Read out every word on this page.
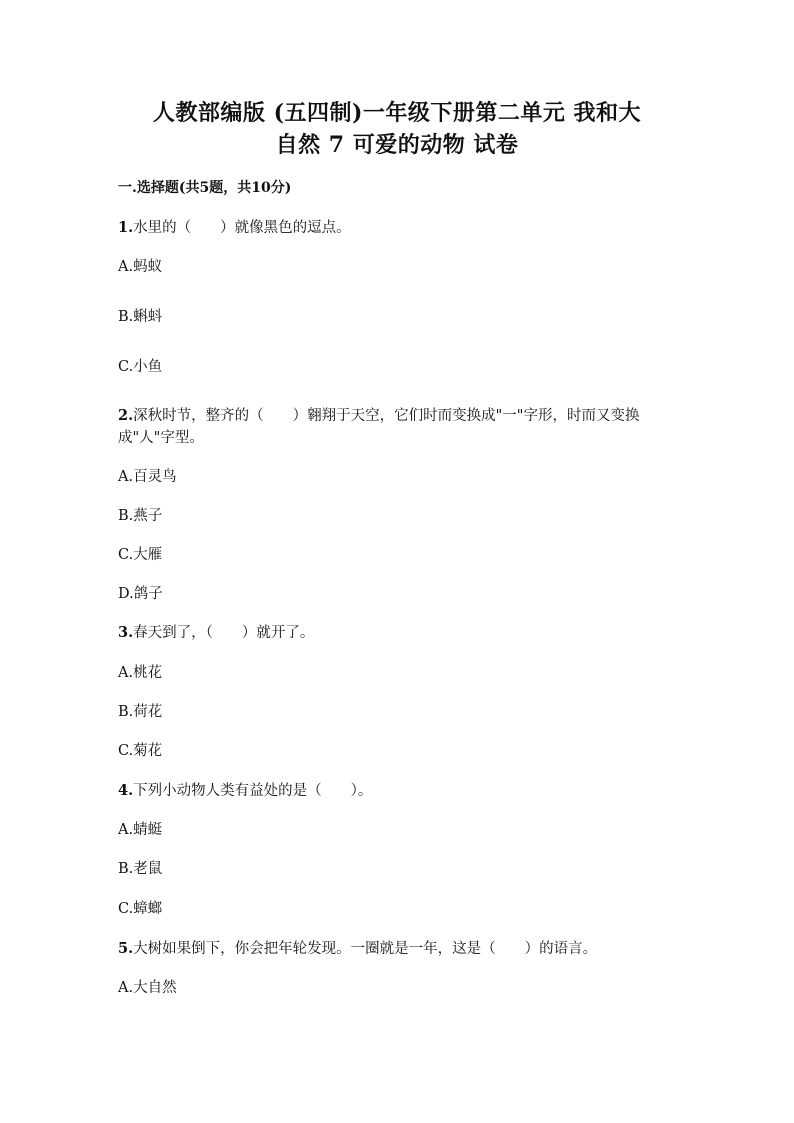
人教部编版 (五四制)一年级下册第二单元 我和大
自然 7 可爱的动物 试卷
一.选择题(共5题，共10分)
1.水里的（　　）就像黑色的逗点。
A.蚂蚁
B.蝌蚪
C.小鱼
2.深秋时节，整齐的（　　）翱翔于天空，它们时而变换成"一"字形，时而又变换成"人"字型。
A.百灵鸟
B.燕子
C.大雁
D.鸽子
3.春天到了，（　　）就开了。
A.桃花
B.荷花
C.菊花
4.下列小动物人类有益处的是（　　）。
A.蜻蜓
B.老鼠
C.蟑螂
5.大树如果倒下，你会把年轮发现。一圈就是一年，这是（　　）的语言。
A.大自然
